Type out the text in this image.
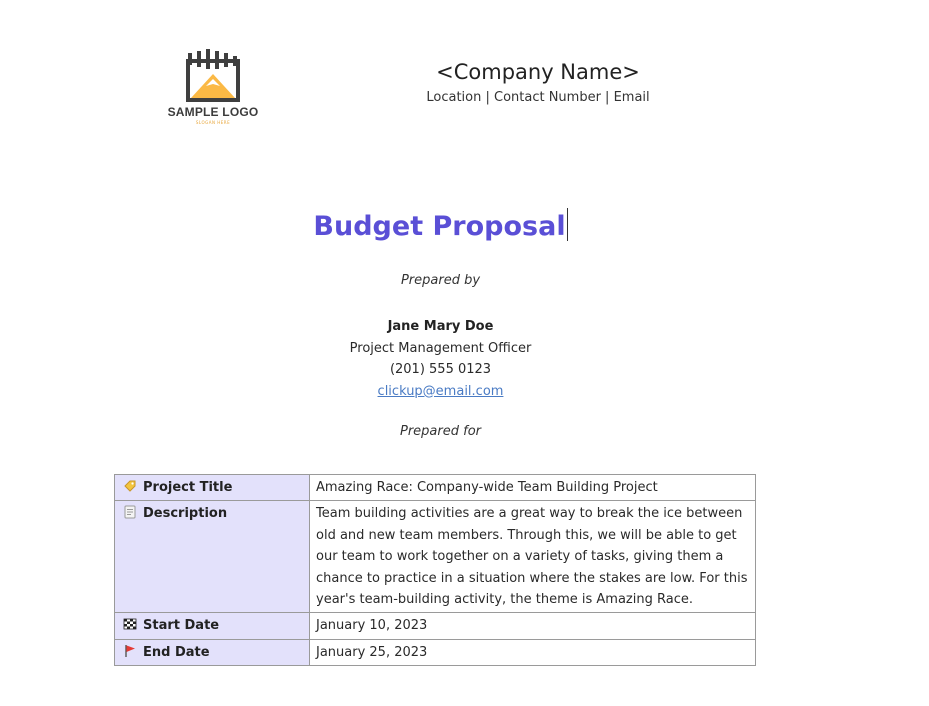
SAMPLE LOGO
SLOGAN HERE
<Company Name>
Location | Contact Number | Email
Budget Proposal
Prepared by
Jane Mary Doe
Project Management Officer
(201) 555 0123
clickup@email.com
Prepared for
Project Title	Amazing Race: Company-wide Team Building Project
Description	Team building activities are a great way to break the ice between old and new team members. Through this, we will be able to get our team to work together on a variety of tasks, giving them a chance to practice in a situation where the stakes are low. For this year's team-building activity, the theme is Amazing Race.
Start Date	January 10, 2023
End Date	January 25, 2023
